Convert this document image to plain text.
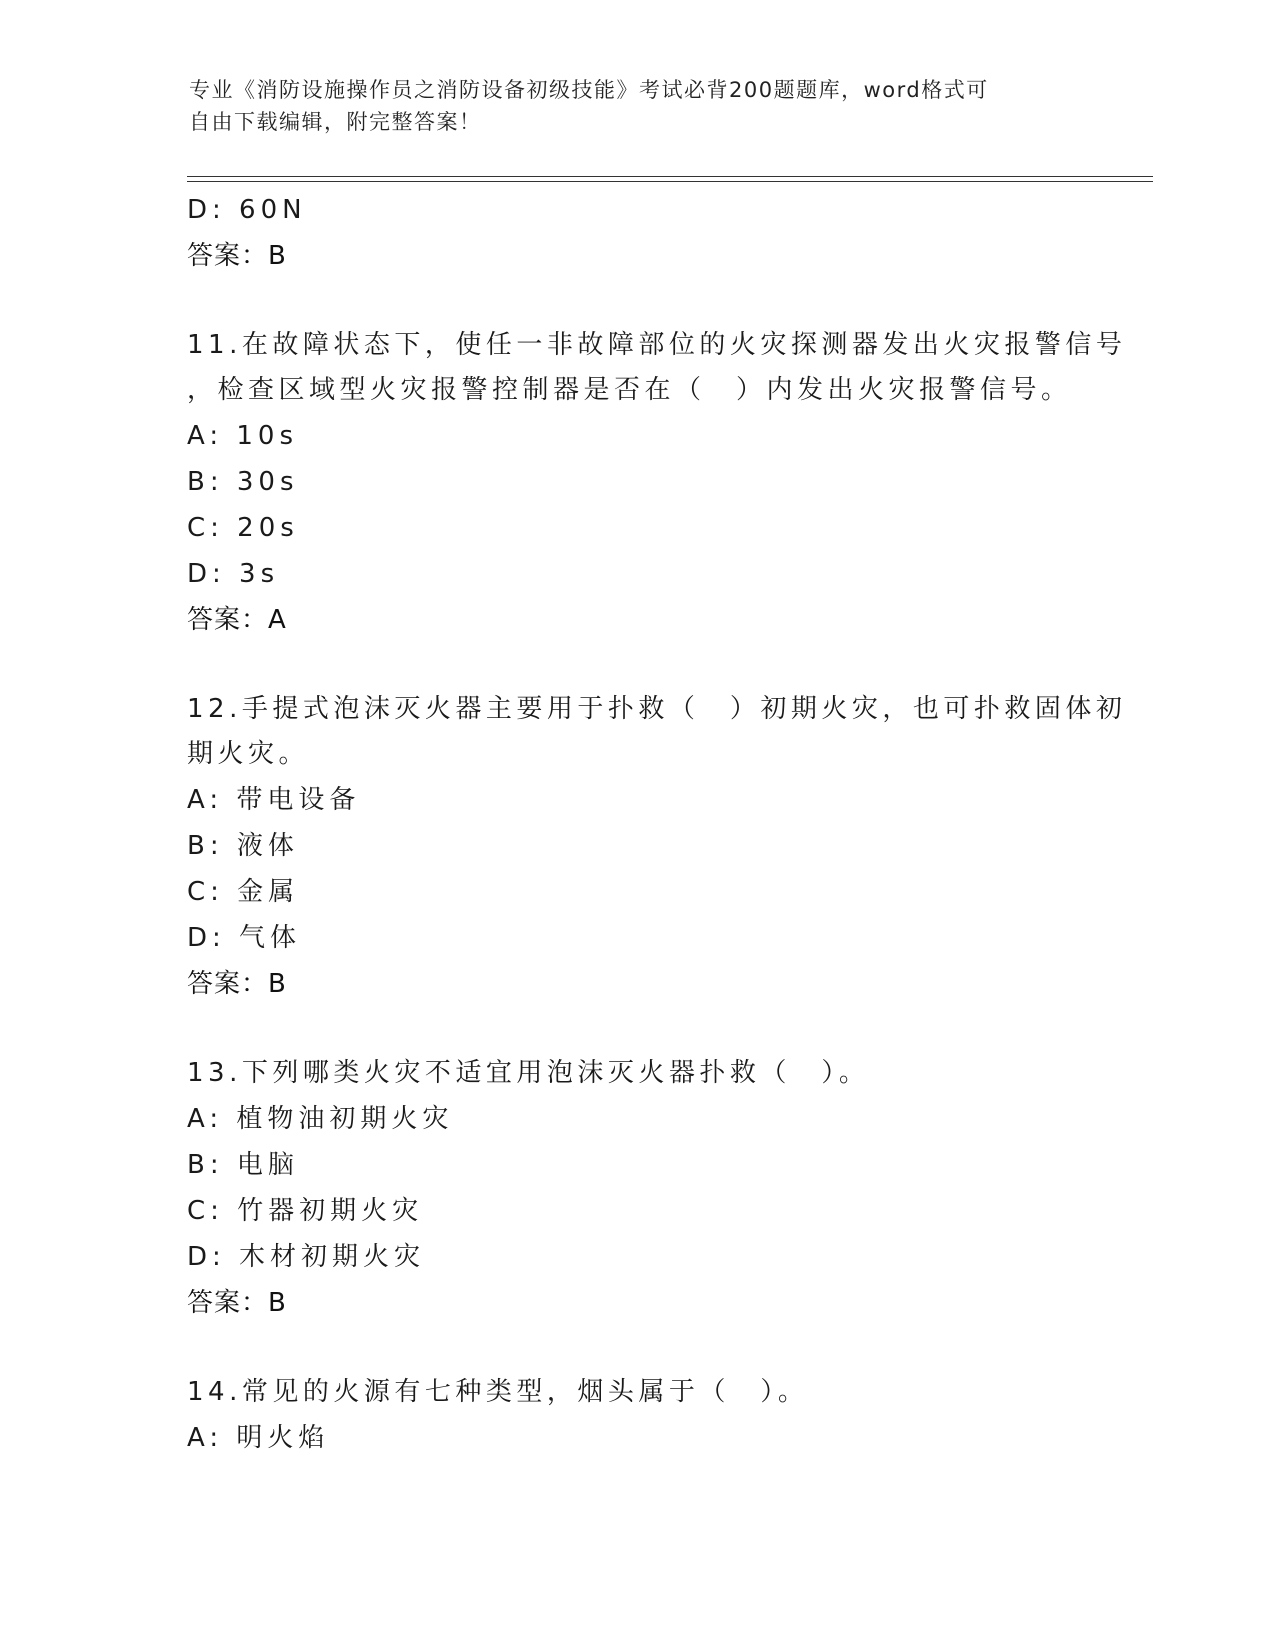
专业《消防设施操作员之消防设备初级技能》考试必背200题题库，word格式可
自由下载编辑，附完整答案！
D: 60N
答案：B
11.在故障状态下，使任一非故障部位的火灾探测器发出火灾报警信号
，检查区域型火灾报警控制器是否在（　）内发出火灾报警信号。
A: 10s
B: 30s
C: 20s
D: 3s
答案：A
12.手提式泡沫灭火器主要用于扑救（　）初期火灾，也可扑救固体初
期火灾。
A: 带电设备
B: 液体
C: 金属
D: 气体
答案：B
13.下列哪类火灾不适宜用泡沫灭火器扑救（　）。
A: 植物油初期火灾
B: 电脑
C: 竹器初期火灾
D: 木材初期火灾
答案：B
14.常见的火源有七种类型，烟头属于（　）。
A: 明火焰
